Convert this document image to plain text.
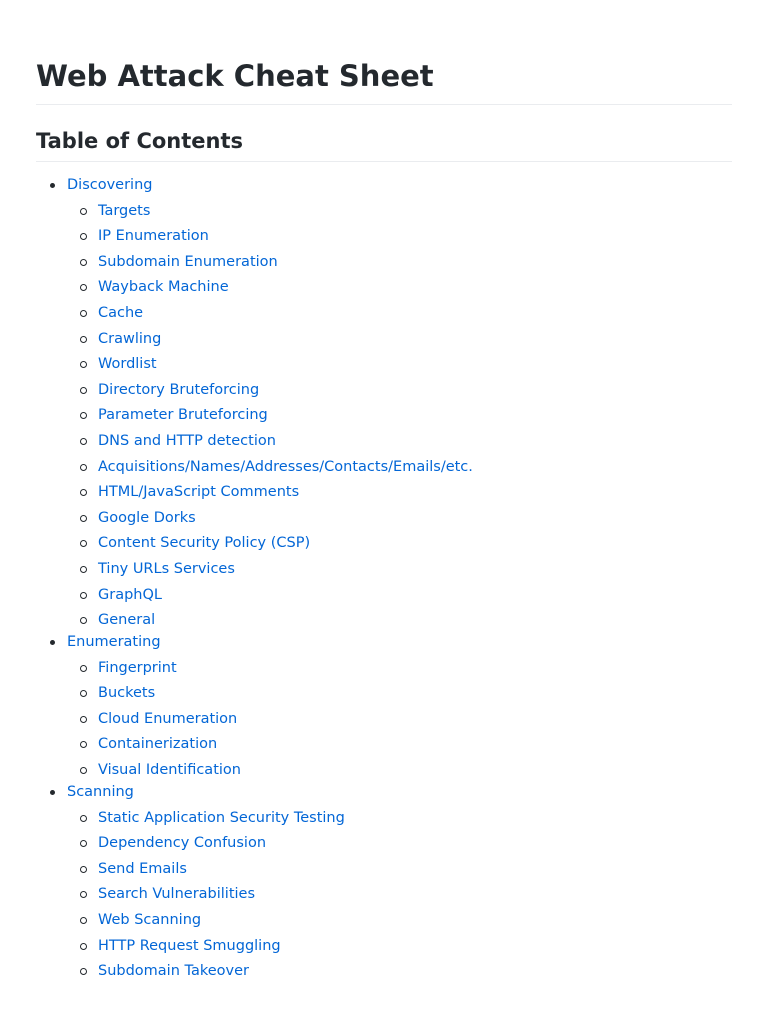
Web Attack Cheat Sheet
Table of Contents
Discovering
Targets
IP Enumeration
Subdomain Enumeration
Wayback Machine
Cache
Crawling
Wordlist
Directory Bruteforcing
Parameter Bruteforcing
DNS and HTTP detection
Acquisitions/Names/Addresses/Contacts/Emails/etc.
HTML/JavaScript Comments
Google Dorks
Content Security Policy (CSP)
Tiny URLs Services
GraphQL
General
Enumerating
Fingerprint
Buckets
Cloud Enumeration
Containerization
Visual Identification
Scanning
Static Application Security Testing
Dependency Confusion
Send Emails
Search Vulnerabilities
Web Scanning
HTTP Request Smuggling
Subdomain Takeover
